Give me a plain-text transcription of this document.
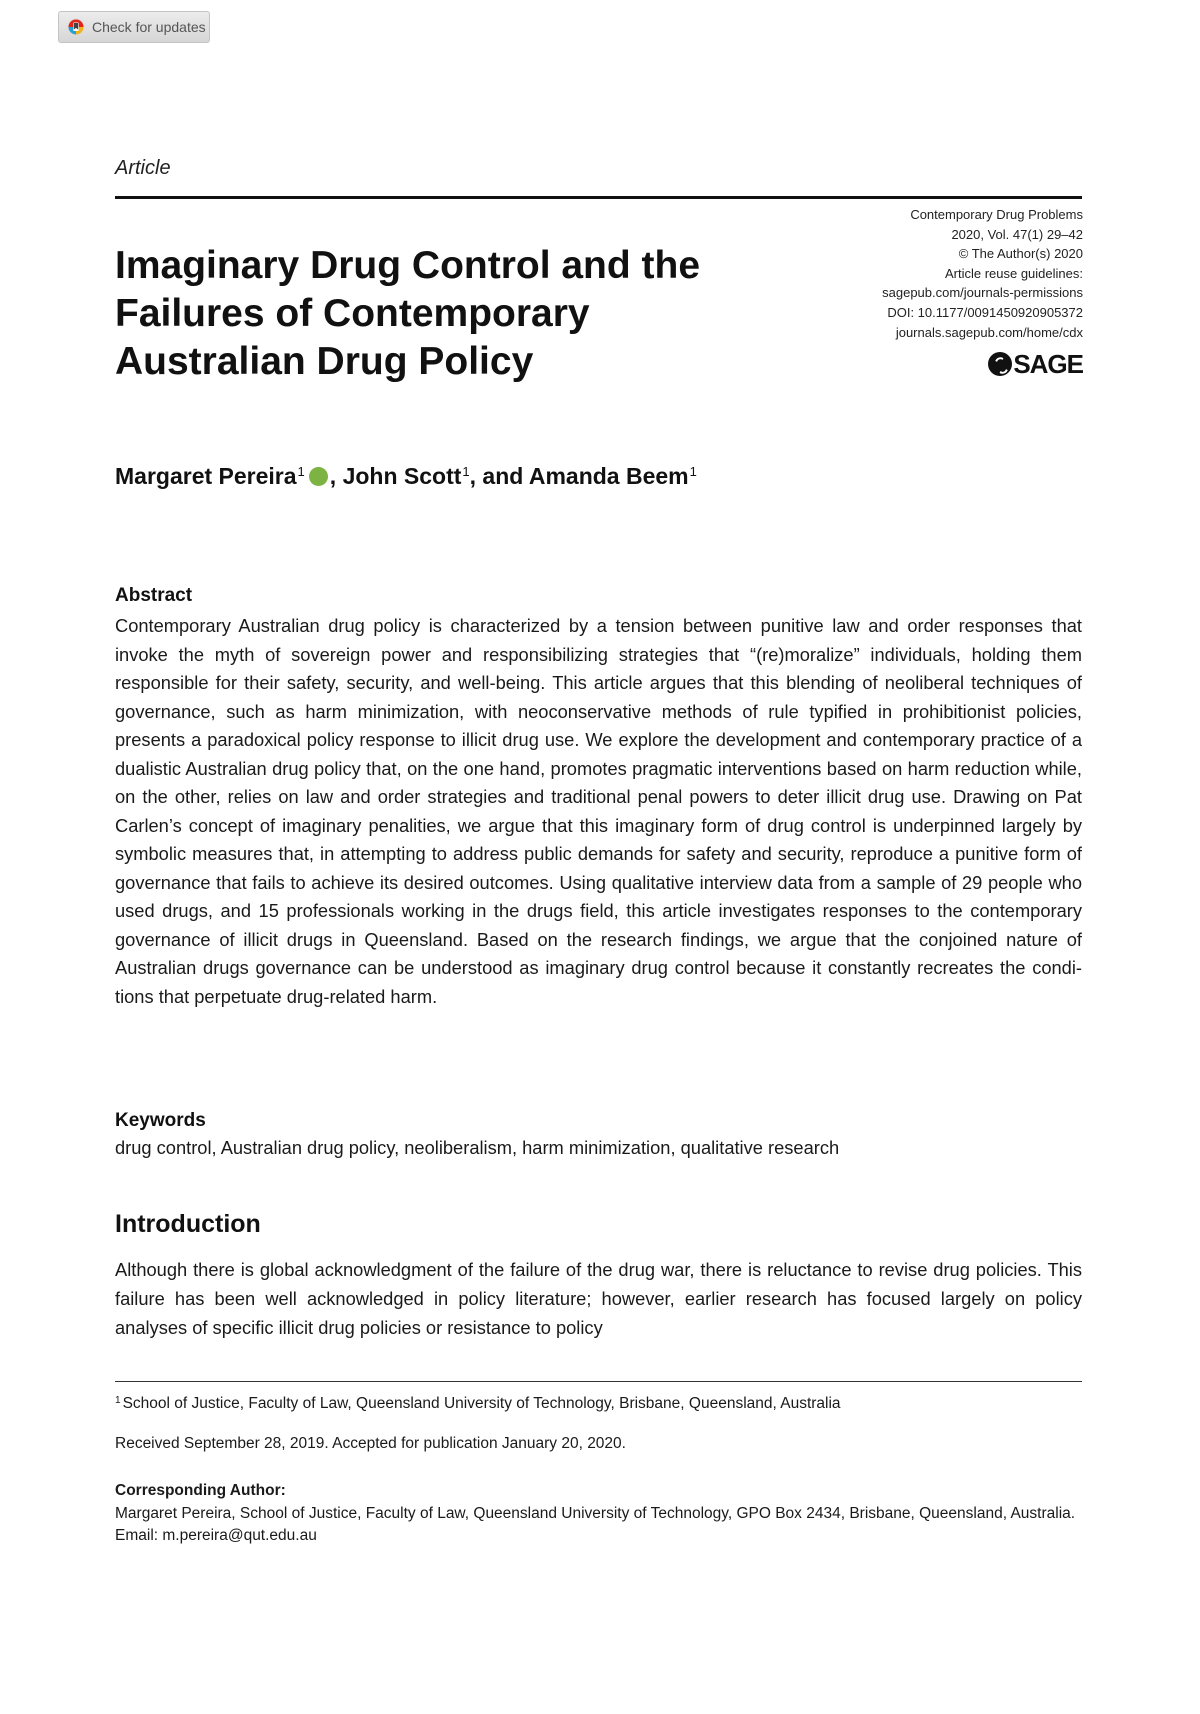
Check for updates
Article
Imaginary Drug Control and the
Failures of Contemporary
Australian Drug Policy
Contemporary Drug Problems
2020, Vol. 47(1) 29–42
© The Author(s) 2020
Article reuse guidelines:
sagepub.com/journals-permissions
DOI: 10.1177/0091450920905372
journals.sagepub.com/home/cdx
SAGE
Margaret Pereira$^1$ , John Scott$^1$, and Amanda Beem$^1$
Abstract

Contemporary Australian drug policy is characterized by a tension between punitive law and order responses that invoke the myth of sovereign power and responsibilizing strategies that “(re)moralize” individuals, holding them responsible for their safety, security, and well-being. This article argues that this blending of neoliberal techniques of governance, such as harm minimization, with neoconservative methods of rule typified in prohibitionist policies, presents a paradoxical policy response to illicit drug use. We explore the development and contemporary practice of a dualistic Australian drug policy that, on the one hand, promotes pragmatic interventions based on harm reduction while, on the other, relies on law and order strategies and traditional penal powers to deter illicit drug use. Drawing on Pat Carlen’s concept of imaginary penalities, we argue that this imaginary form of drug control is underpinned largely by symbolic measures that, in attempting to address public demands for safety and security, reproduce a punitive form of governance that fails to achieve its desired outcomes. Using qualitative interview data from a sample of 29 people who used drugs, and 15 professionals working in the drugs field, this article investigates responses to the contemporary governance of illicit drugs in Queensland. Based on the research findings, we argue that the conjoined nature of Australian drugs governance can be understood as imaginary drug control because it constantly recreates the condi-tions that perpetuate drug-related harm.

Keywords
drug control, Australian drug policy, neoliberalism, harm minimization, qualitative research
Introduction

Although there is global acknowledgment of the failure of the drug war, there is reluctance to revise drug policies. This failure has been well acknowledged in policy literature; however, earlier research has focused largely on policy analyses of specific illicit drug policies or resistance to policy

$^1$ School of Justice, Faculty of Law, Queensland University of Technology, Brisbane, Queensland, Australia
Received September 28, 2019. Accepted for publication January 20, 2020.
Corresponding Author:
Margaret Pereira, School of Justice, Faculty of Law, Queensland University of Technology, GPO Box 2434, Brisbane, Queensland, Australia.
Email: m.pereira@qut.edu.au
